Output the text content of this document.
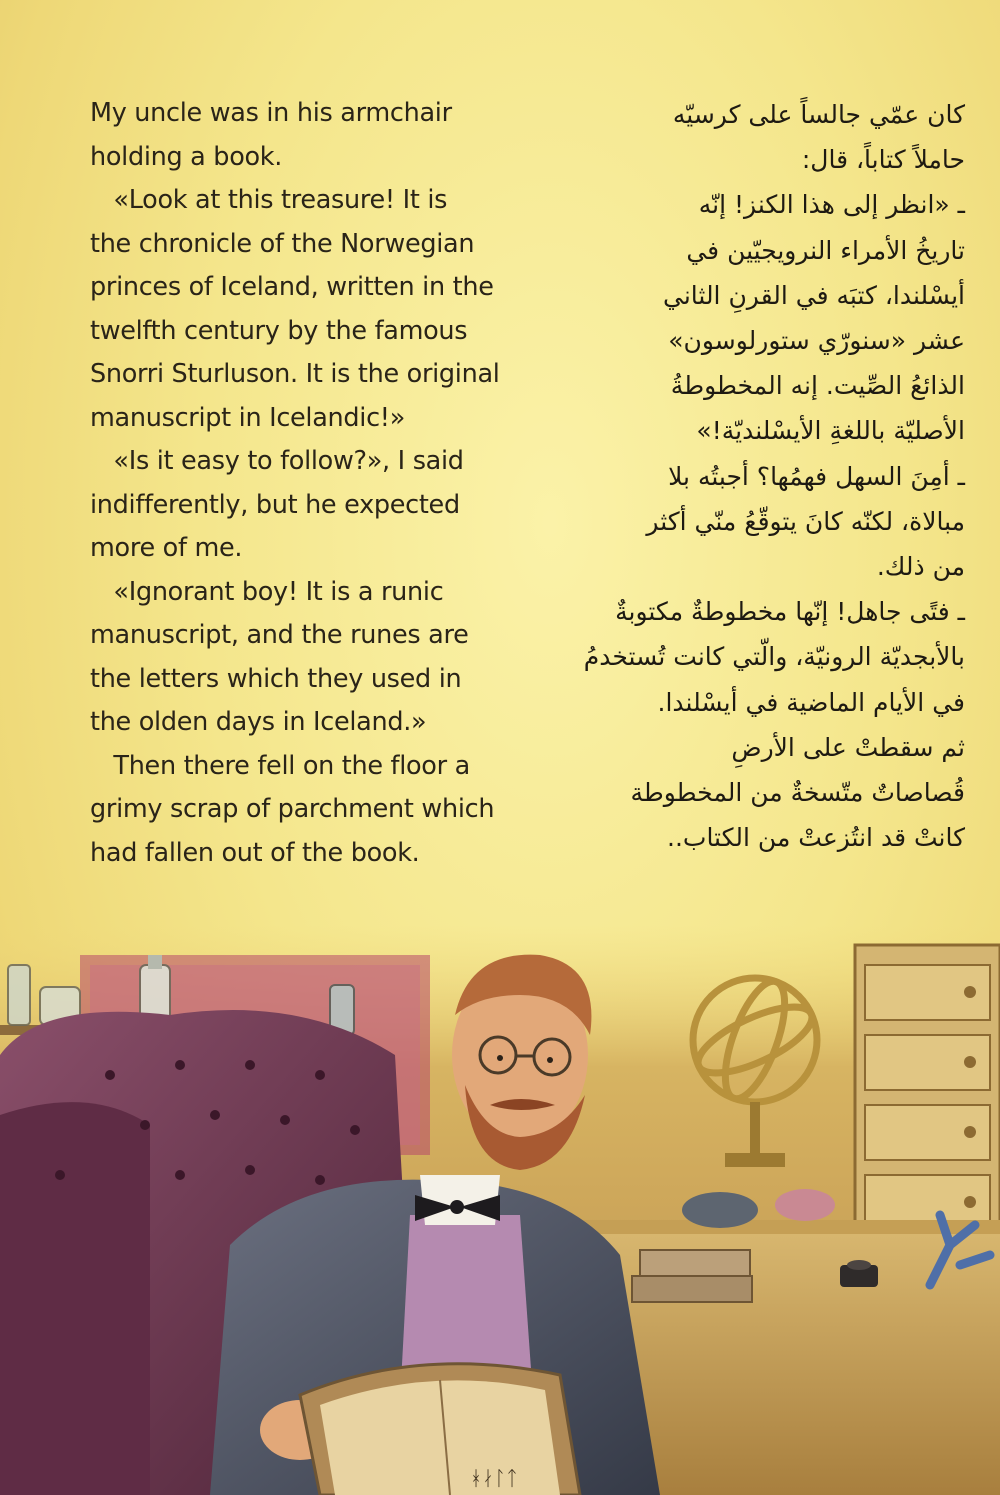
My uncle was in his armchair

holding a book.

«Look at this treasure! It is

the chronicle of the Norwegian

princes of Iceland, written in the

twelfth century by the famous

Snorri Sturluson. It is the original

manuscript in Icelandic!»

«Is it easy to follow?», I said

indifferently, but he expected

more of me.

«Ignorant boy! It is a runic

manuscript, and the runes are

the letters which they used in

the olden days in Iceland.»

Then there fell on the floor a

grimy scrap of parchment which

had fallen out of the book.

كان عمّي جالساً على كرسيّه

حاملاً كتاباً، قال:

ـ «انظر إلى هذا الكنز! إنّه

تاريخُ الأمراء النرويجيّين في

أيسْلندا، كتبَه في القرنِ الثاني

عشر «سنورّي ستورلوسون»

الذائعُ الصِّيت. إنه المخطوطةُ

الأصليّة باللغةِ الأيسْلنديّة!»

ـ أمِنَ السهل فهمُها؟ أجبتُه بلا

مبالاة، لكنّه كانَ يتوقّعُ منّي أكثر

من ذلك.

ـ فتًى جاهل! إنّها مخطوطةٌ مكتوبةٌ

بالأبجديّة الرونيّة، والّتي كانت تُستخدمُ

في الأيام الماضية في أيسْلندا.

ثم سقطتْ على الأرضِ

قُصاصاتٌ متّسخةٌ من المخطوطة

كانتْ قد انتُزعتْ من الكتاب..

ᚼᛅᛚᛏ
